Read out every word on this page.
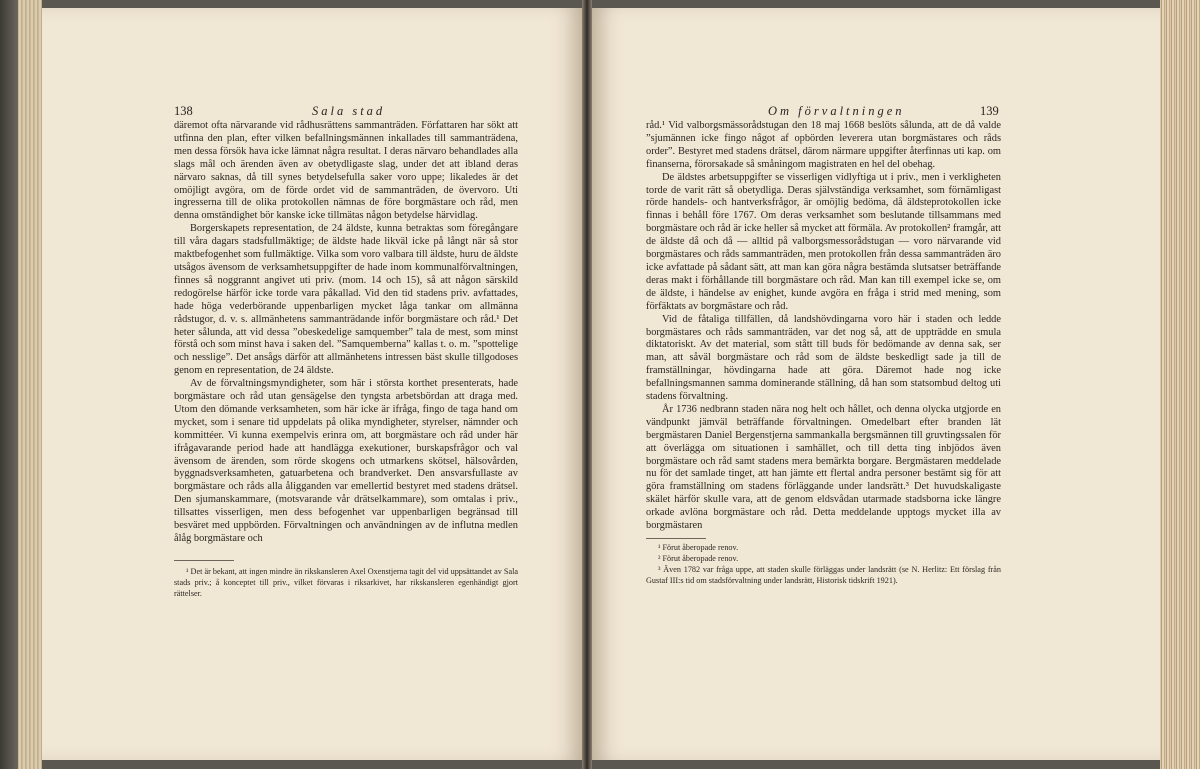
138	Sala stad

däremot ofta närvarande vid rådhusrättens sammanträden. Författaren har sökt att utfinna den plan, efter vilken befallningsmännen inkallades till sammanträdena, men dessa försök hava icke lämnat några resultat. I deras närvaro behandlades alla slags mål och ärenden även av obetydligaste slag, under det att ibland deras närvaro saknas, då till synes betydelsefulla saker voro uppe; likaledes är det omöjligt avgöra, om de förde ordet vid de sammanträden, de övervoro. Uti ingresserna till de olika protokollen nämnas de före borgmästare och råd, men denna omständighet bör kanske icke tillmätas någon betydelse härvidlag.

Borgerskapets representation, de 24 äldste, kunna betraktas som föregångare till våra dagars stadsfullmäktige; de äldste hade likväl icke på långt när så stor maktbefogenhet som fullmäktige. Vilka som voro valbara till äldste, huru de äldste utsågos ävensom de verksamhetsuppgifter de hade inom kommunalförvaltningen, finnes så noggrannt angivet uti priv. (mom. 14 och 15), så att någon särskild redogörelse härför icke torde vara påkallad. Vid den tid stadens priv. avfattades, hade höga vederbörande uppenbarligen mycket låga tankar om allmänna rådstugor, d. v. s. allmänhetens sammanträdande inför borgmästare och råd.¹ Det heter sålunda, att vid dessa ”obeskedelige samquember” tala de mest, som minst förstå och som minst hava i saken del. ”Samquemberna” kallas t. o. m. ”spottelige och nesslige”. Det ansågs därför att allmänhetens intressen bäst skulle tillgodoses genom en representation, de 24 äldste.

Av de förvaltningsmyndigheter, som här i största korthet presenterats, hade borgmästare och råd utan gensägelse den tyngsta arbetsbördan att draga med. Utom den dömande verksamheten, som här icke är ifråga, fingo de taga hand om mycket, som i senare tid uppdelats på olika myndigheter, styrelser, nämnder och kommittéer. Vi kunna exempelvis erinra om, att borgmästare och råd under här ifrågavarande period hade att handlägga exekutioner, burskapsfrågor och val ävensom de ärenden, som rörde skogens och utmarkens skötsel, hälsovården, byggnadsverksamheten, gatuarbetena och brandverket. Den ansvarsfullaste av borgmästare och råds alla åligganden var emellertid bestyret med stadens drätsel. Den sjumanskammare, (motsvarande vår drätselkammare), som omtalas i priv., tillsattes visserligen, men dess befogenhet var uppenbarligen begränsad till besväret med uppbörden. Förvaltningen och användningen av de influtna medlen ålåg borgmästare och

¹ Det är bekant, att ingen mindre än rikskansleren Axel Oxenstjerna tagit del vid uppsättandet av Sala stads priv.; å konceptet till priv., vilket förvaras i riksarkivet, har rikskansleren egenhändigt gjort rättelser.

Om förvaltningen	139

råd.¹ Vid valborgsmässorådstugan den 18 maj 1668 beslöts sålunda, att de då valde ”sjumännen icke fingo något af opbörden leverera utan borgmästares och råds order”. Bestyret med stadens drätsel, därom närmare uppgifter återfinnas uti kap. om finanserna, förorsakade så småningom magistraten en hel del obehag.

De äldstes arbetsuppgifter se visserligen vidlyftiga ut i priv., men i verkligheten torde de varit rätt så obetydliga. Deras självständiga verksamhet, som förnämligast rörde handels- och hantverksfrågor, är omöjlig bedöma, då äldsteprotokollen icke finnas i behåll före 1767. Om deras verksamhet som beslutande tillsammans med borgmästare och råd är icke heller så mycket att förmäla. Av protokollen² framgår, att de äldste då och då — alltid på valborgsmessorådstugan — voro närvarande vid borgmästares och råds sammanträden, men protokollen från dessa sammanträden äro icke avfattade på sådant sätt, att man kan göra några bestämda slutsatser beträffande deras makt i förhållande till borgmästare och råd. Man kan till exempel icke se, om de äldste, i händelse av enighet, kunde avgöra en fråga i strid med mening, som förfäktats av borgmästare och råd.

Vid de fåtaliga tillfällen, då landshövdingarna voro här i staden och ledde borgmästares och råds sammanträden, var det nog så, att de uppträdde en smula diktatoriskt. Av det material, som stått till buds för bedömande av denna sak, ser man, att såväl borgmästare och råd som de äldste beskedligt sade ja till de framställningar, hövdingarna hade att göra. Däremot hade nog icke befallningsmannen samma dominerande ställning, då han som statsombud deltog uti stadens förvaltning.

År 1736 nedbrann staden nära nog helt och hållet, och denna olycka utgjorde en vändpunkt jämväl beträffande förvaltningen. Omedelbart efter branden lät bergmästaren Daniel Bergenstjerna sammankalla bergsmännen till gruvtingssalen för att överlägga om situationen i samhället, och till detta ting inbjödos även borgmästare och råd samt stadens mera bemärkta borgare. Bergmästaren meddelade nu för det samlade tinget, att han jämte ett flertal andra personer bestämt sig för att göra framställning om stadens förläggande under landsrätt.³ Det huvudskaligaste skälet härför skulle vara, att de genom eldsvådan utarmade stadsborna icke längre orkade avlöna borgmästare och råd. Detta meddelande upptogs mycket illa av borgmästaren

¹ Förut åberopade renov.

² Förut åberopade renov.

³ Även 1782 var fråga uppe, att staden skulle förläggas under landsrätt (se N. Herlitz: Ett förslag från Gustaf III:s tid om stadsförvaltning under landsrätt, Historisk tidskrift 1921).
